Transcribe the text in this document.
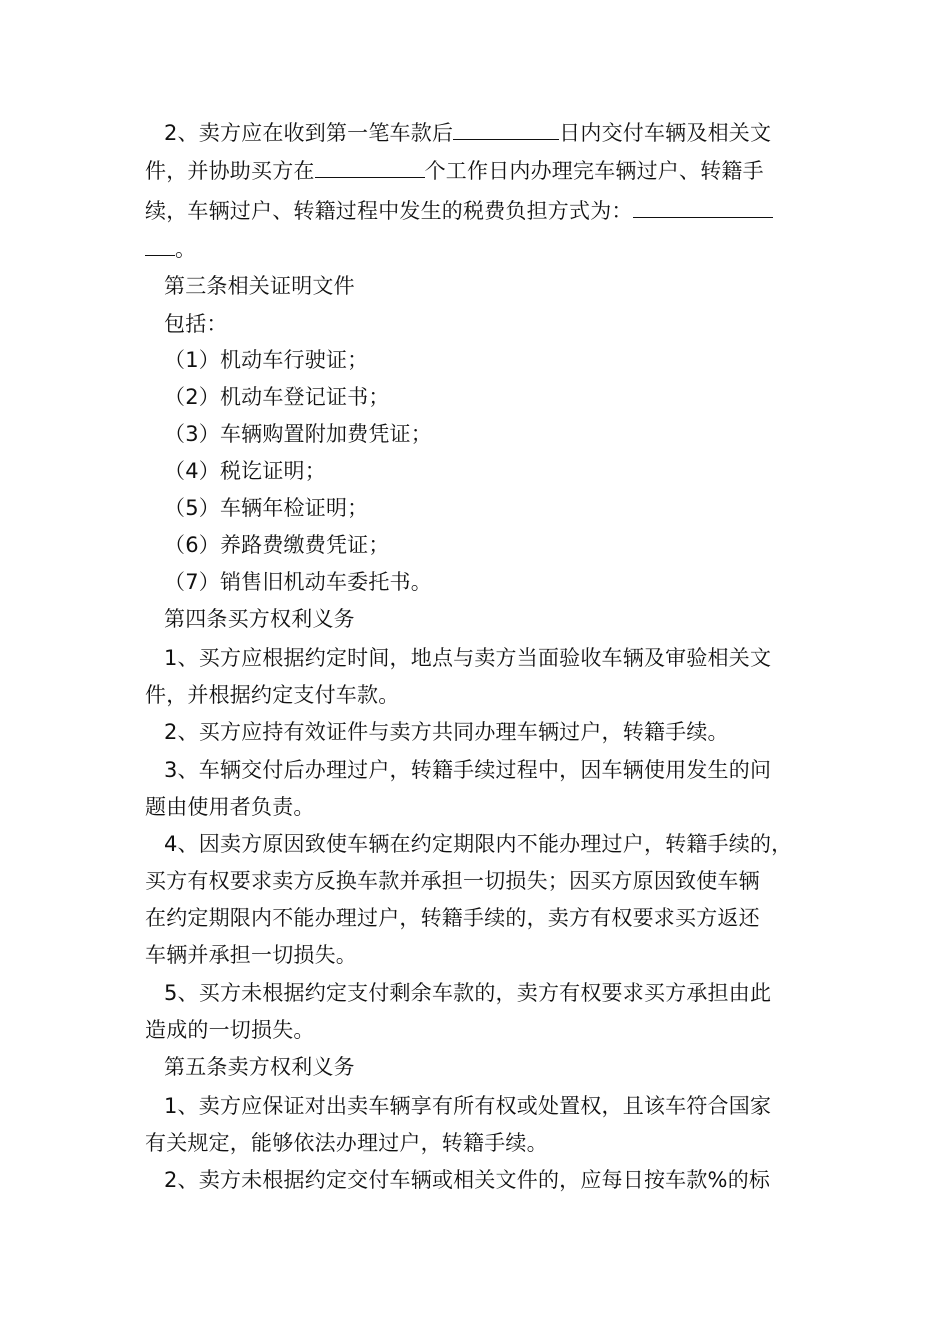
2、卖方应在收到第一笔车款后	日内交付车辆及相关文
件，并协助买方在	个工作日内办理完车辆过户、转籍手
续，车辆过户、转籍过程中发生的税费负担方式为：
。
第三条相关证明文件
包括：
（1）机动车行驶证；
（2）机动车登记证书；
（3）车辆购置附加费凭证；
（4）税讫证明；
（5）车辆年检证明；
（6）养路费缴费凭证；
（7）销售旧机动车委托书。
第四条买方权利义务
1、买方应根据约定时间，地点与卖方当面验收车辆及审验相关文
件，并根据约定支付车款。
2、买方应持有效证件与卖方共同办理车辆过户，转籍手续。
3、车辆交付后办理过户，转籍手续过程中，因车辆使用发生的问
题由使用者负责。
4、因卖方原因致使车辆在约定期限内不能办理过户，转籍手续的，
买方有权要求卖方反换车款并承担一切损失；因买方原因致使车辆
在约定期限内不能办理过户，转籍手续的，卖方有权要求买方返还
车辆并承担一切损失。
5、买方未根据约定支付剩余车款的，卖方有权要求买方承担由此
造成的一切损失。
第五条卖方权利义务
1、卖方应保证对出卖车辆享有所有权或处置权，且该车符合国家
有关规定，能够依法办理过户，转籍手续。
2、卖方未根据约定交付车辆或相关文件的，应每日按车款%的标
